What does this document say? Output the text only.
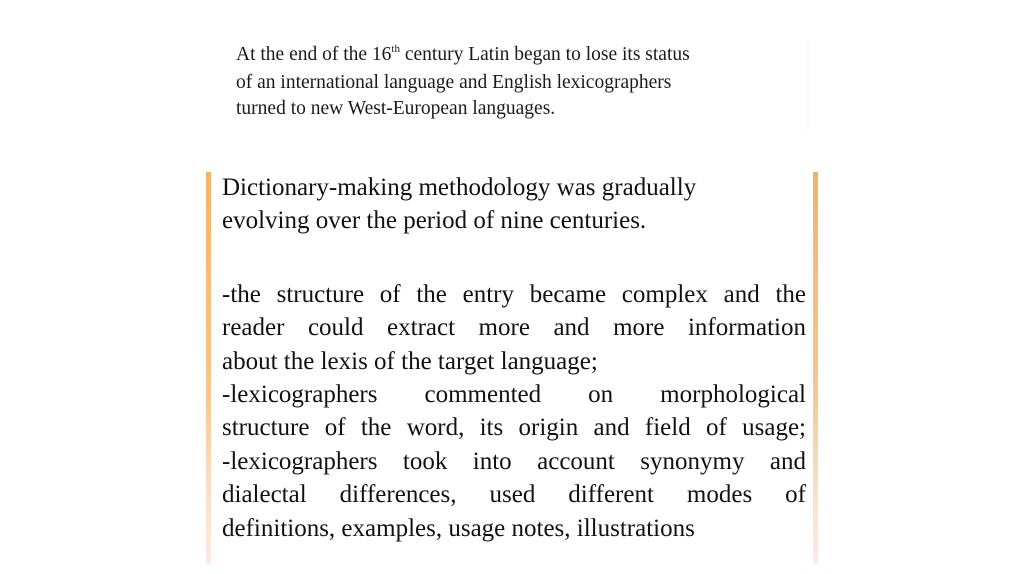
At the end of the 16th century Latin began to lose its status
of an international language and English lexicographers
turned to new West-European languages.
Dictionary-making methodology was gradually
evolving over the period of nine centuries.
-the structure of the entry became complex and the
reader could extract more and more information
about the lexis of the target language;
-lexicographers commented on morphological
structure of the word, its origin and field of usage;
-lexicographers took into account synonymy and
dialectal differences, used different modes of
definitions, examples, usage notes, illustrations
